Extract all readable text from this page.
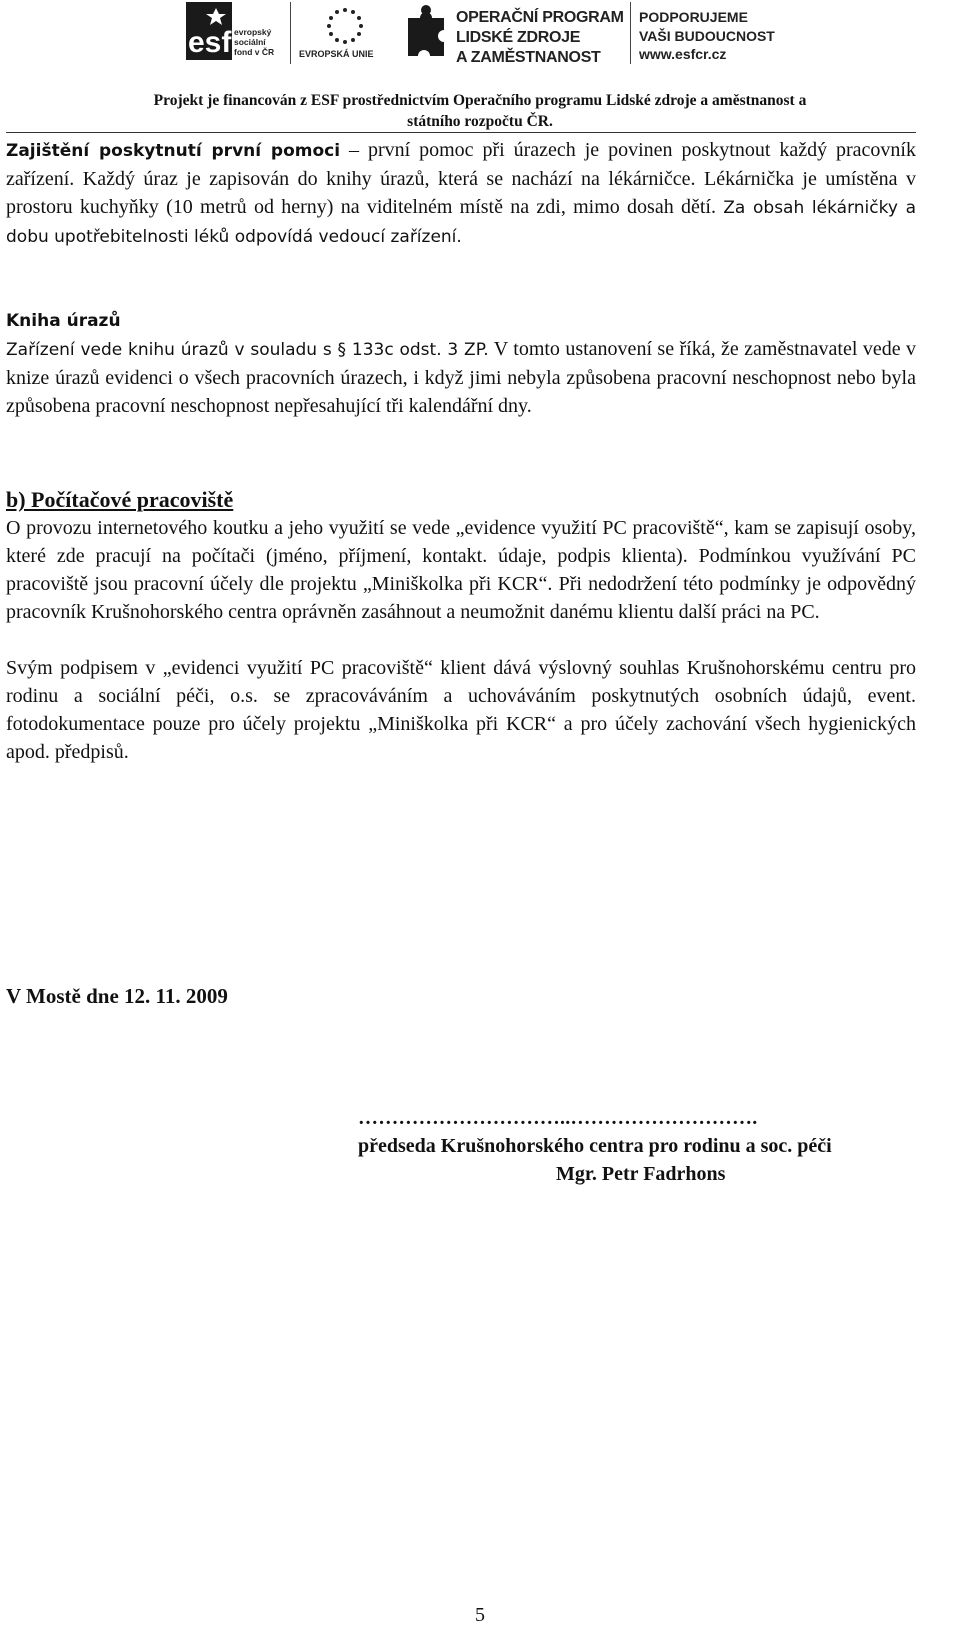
esf evropský
sociální
fond v ČR	EVROPSKÁ UNIE
OPERAČNÍ PROGRAM
LIDSKÉ ZDROJE
A ZAMĚSTNANOST
PODPORUJEME
VAŠI BUDOUCNOST
www.esfcr.cz
Projekt je financován z ESF prostřednictvím Operačního programu Lidské zdroje a aměstnanost a
státního rozpočtu ČR.

Zajištění poskytnutí první pomoci – první pomoc při úrazech je povinen poskytnout každý pracovník zařízení. Každý úraz je zapisován do knihy úrazů, která se nachází na lékárničce. Lékárnička je umístěna v prostoru kuchyňky (10 metrů od herny) na viditelném místě na zdi, mimo dosah dětí. Za obsah lékárničky a dobu upotřebitelnosti léků odpovídá vedoucí zařízení.

Kniha úrazů

Zařízení vede knihu úrazů v souladu s § 133c odst. 3 ZP. V tomto ustanovení se říká, že zaměstnavatel vede v knize úrazů evidenci o všech pracovních úrazech, i když jimi nebyla způsobena pracovní neschopnost nebo byla způsobena pracovní neschopnost nepřesahující tři kalendářní dny.

b) Počítačové pracoviště

O provozu internetového koutku a jeho využití se vede „evidence využití PC pracoviště“, kam se zapisují osoby, které zde pracují na počítači (jméno, příjmení, kontakt. údaje, podpis klienta). Podmínkou využívání PC pracoviště jsou pracovní účely dle projektu „Miniškolka při KCR“. Při nedodržení této podmínky je odpovědný pracovník Krušnohorského centra oprávněn zasáhnout a neumožnit danému klientu další práci na PC.

Svým podpisem v „evidenci využití PC pracoviště“ klient dává výslovný souhlas Krušnohorskému centru pro rodinu a sociální péči, o.s. se zpracováváním a uchováváním poskytnutých osobních údajů, event. fotodokumentace pouze pro účely projektu „Miniškolka při KCR“ a pro účely zachování všech hygienických apod. předpisů.

V Mostě dne 12. 11. 2009
…………………………..……………………….
předseda Krušnohorského centra pro rodinu a soc. péči
Mgr. Petr Fadrhons
5
